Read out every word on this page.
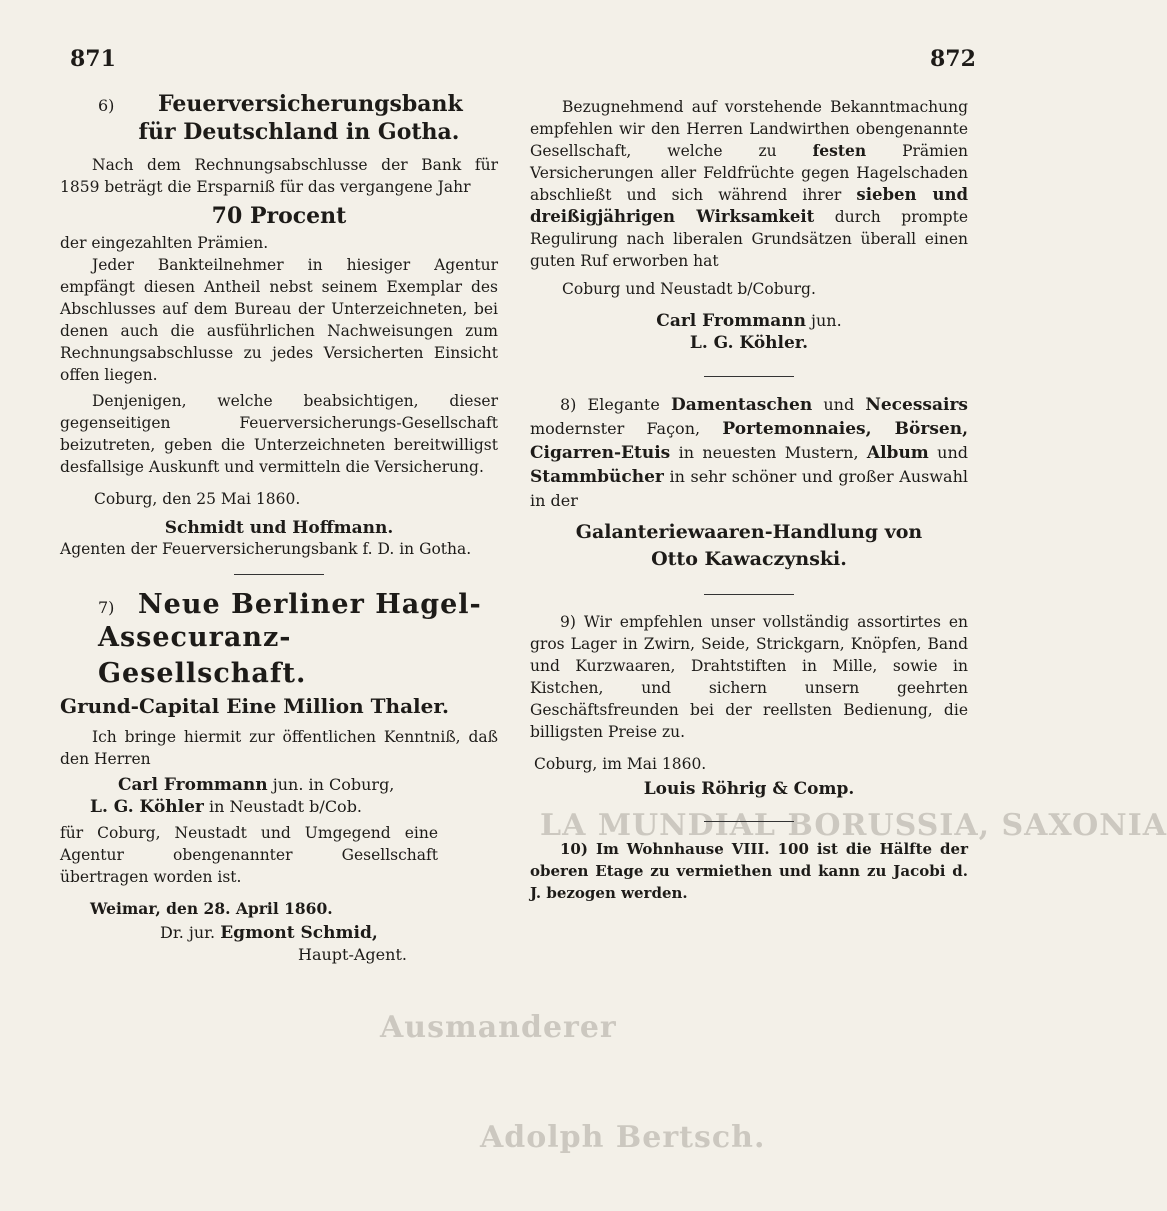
LA MUNDIAL BORUSSIA, SAXONIA
Ausmanderer
Adolph Bertsch.
871	872
6)	Feuerversicherungsbank
für Deutschland in Gotha.

Nach dem Rechnungsabschlusse der Bank für 1859 beträgt die Ersparniß für das vergangene Jahr

70 Procent

der eingezahlten Prämien.

Jeder Bankteilnehmer in hiesiger Agentur empfängt diesen Antheil nebst seinem Exemplar des Abschlusses auf dem Bureau der Unterzeichneten, bei denen auch die ausführlichen Nachweisungen zum Rechnungsabschlusse zu jedes Versicherten Einsicht offen liegen.

Denjenigen, welche beabsichtigen, dieser gegenseitigen Feuerversicherungs-Gesellschaft beizutreten, geben die Unterzeichneten bereitwilligst desfallsige Auskunft und vermitteln die Versicherung.

Coburg, den 25 Mai 1860.

Schmidt und Hoffmann.

Agenten der Feuerversicherungsbank f. D. in Gotha.

7) Neue Berliner Hagel-
Assecuranz-Gesellschaft.
Grund-Capital Eine Million Thaler.

Ich bringe hiermit zur öffentlichen Kenntniß, daß den Herren

Carl Frommann jun. in Coburg,
L. G. Köhler in Neustadt b/Cob.

für Coburg, Neustadt und Umgegend eine Agentur obengenannter Gesellschaft übertragen worden ist.

Weimar, den 28. April 1860.

Dr. jur. Egmont Schmid,
Haupt-Agent.

Bezugnehmend auf vorstehende Bekanntmachung empfehlen wir den Herren Landwirthen obengenannte Gesellschaft, welche zu festen Prämien Versicherungen aller Feldfrüchte gegen Hagelschaden abschließt und sich während ihrer sieben und dreißigjährigen Wirksamkeit durch prompte Regulirung nach liberalen Grundsätzen überall einen guten Ruf erworben hat

Coburg und Neustadt b/Coburg.

Carl Frommann jun.
L. G. Köhler.

8) Elegante Damentaschen und Necessairs modernster Façon, Portemonnaies, Börsen, Cigarren-Etuis in neuesten Mustern, Album und Stammbücher in sehr schöner und großer Auswahl in der

Galanteriewaaren-Handlung von
Otto Kawaczynski.

9) Wir empfehlen unser vollständig assortirtes en gros Lager in Zwirn, Seide, Strickgarn, Knöpfen, Band und Kurzwaaren, Drahtstiften in Mille, sowie in Kistchen, und sichern unsern geehrten Geschäftsfreunden bei der reellsten Bedienung, die billigsten Preise zu.

Coburg, im Mai 1860.

Louis Röhrig & Comp.

10) Im Wohnhause VIII. 100 ist die Hälfte der oberen Etage zu vermiethen und kann zu Jacobi d. J. bezogen werden.
